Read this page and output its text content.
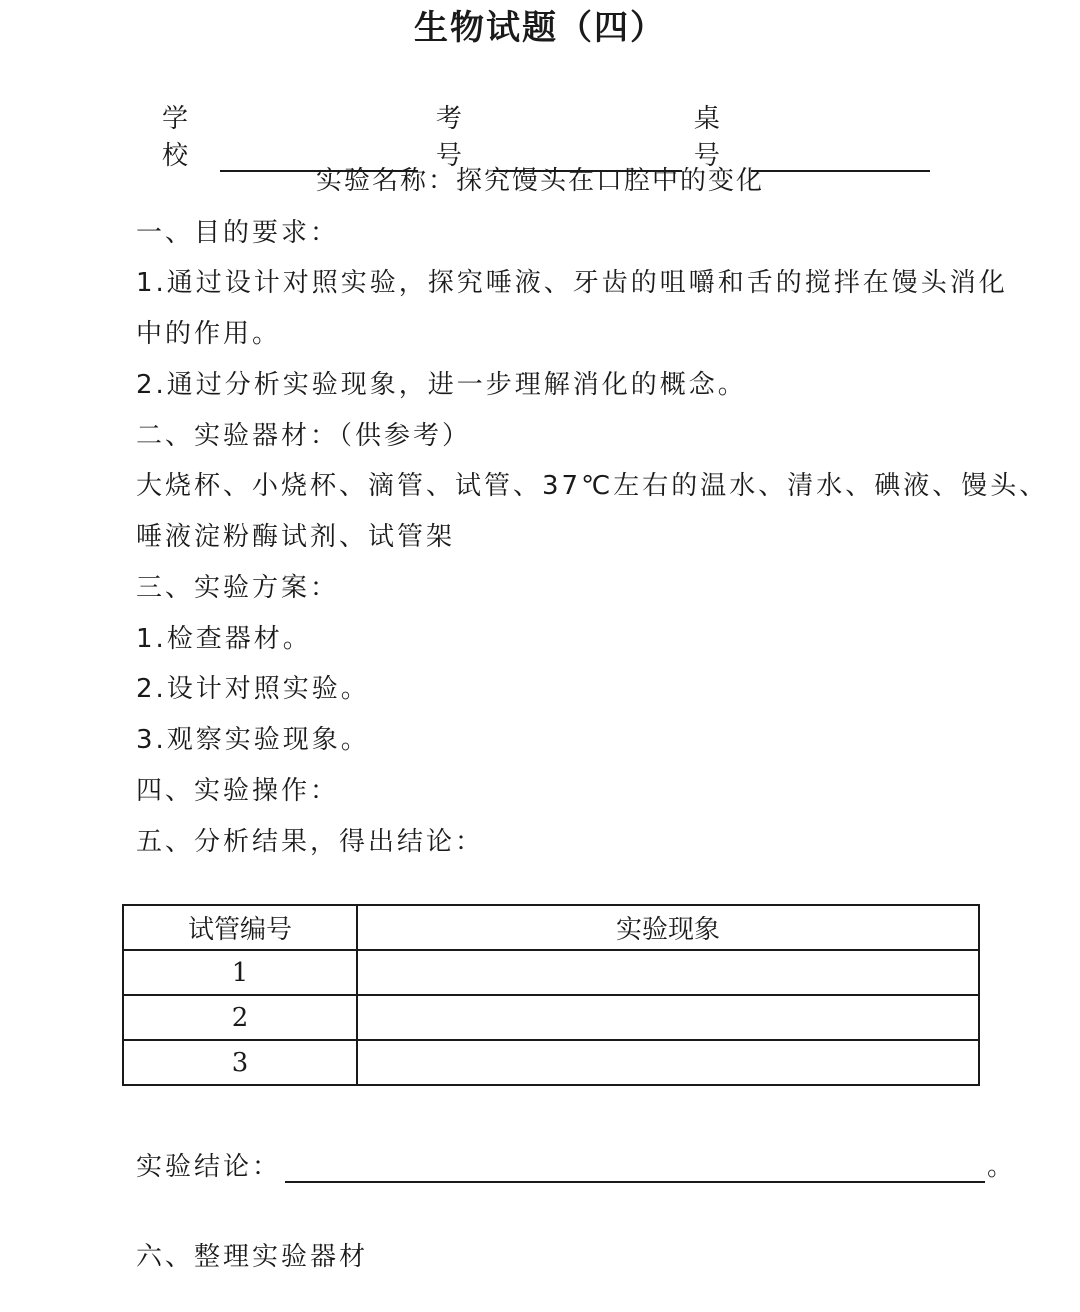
生物试题（四）
学校
考号
桌号
实验名称：探究馒头在口腔中的变化
一、目的要求：
1.通过设计对照实验，探究唾液、牙齿的咀嚼和舌的搅拌在馒头消化
中的作用。
2.通过分析实验现象，进一步理解消化的概念。
二、实验器材：（供参考）
大烧杯、小烧杯、滴管、试管、37℃左右的温水、清水、碘液、馒头、
唾液淀粉酶试剂、试管架
三、实验方案：
1.检查器材。
2.设计对照实验。
3.观察实验现象。
四、实验操作：
五、分析结果，得出结论：
试管编号	实验现象
1	
2	
3	
实验结论：	。
六、整理实验器材
